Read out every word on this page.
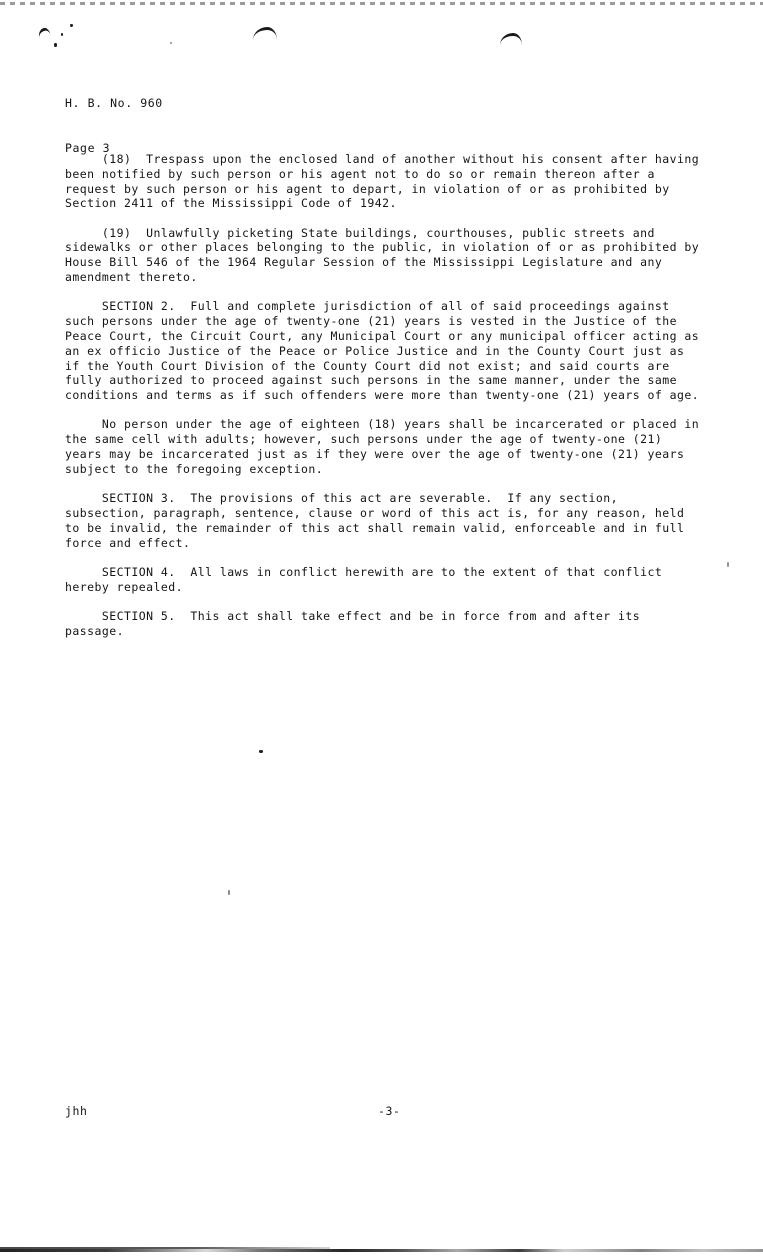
H. B. No. 960

Page 3

(18)  Trespass upon the enclosed land of another without his consent after having been notified by such person or his agent not to do so or remain thereon after a request by such person or his agent to depart, in violation of or as prohibited by Section 2411 of the Mississippi Code of 1942.

(19)  Unlawfully picketing State buildings, courthouses, public streets and sidewalks or other places belonging to the public, in violation of or as prohibited by House Bill 546 of the 1964 Regular Session of the Mississippi Legislature and any amendment thereto.

SECTION 2.  Full and complete jurisdiction of all of said proceedings against such persons under the age of twenty-one (21) years is vested in the Justice of the Peace Court, the Circuit Court, any Municipal Court or any municipal officer acting as an ex officio Justice of the Peace or Police Justice and in the County Court just as if the Youth Court Division of the County Court did not exist; and said courts are fully authorized to proceed against such persons in the same manner, under the same conditions and terms as if such offenders were more than twenty-one (21) years of age.

No person under the age of eighteen (18) years shall be incarcerated or placed in the same cell with adults; however, such persons under the age of twenty-one (21) years may be incarcerated just as if they were over the age of twenty-one (21) years subject to the foregoing exception.

SECTION 3.  The provisions of this act are severable.  If any section, subsection, paragraph, sentence, clause or word of this act is, for any reason, held to be invalid, the remainder of this act shall remain valid, enforceable and in full force and effect.

SECTION 4.  All laws in conflict herewith are to the extent of that conflict hereby repealed.

SECTION 5.  This act shall take effect and be in force from and after its passage.

jhh	-3-
